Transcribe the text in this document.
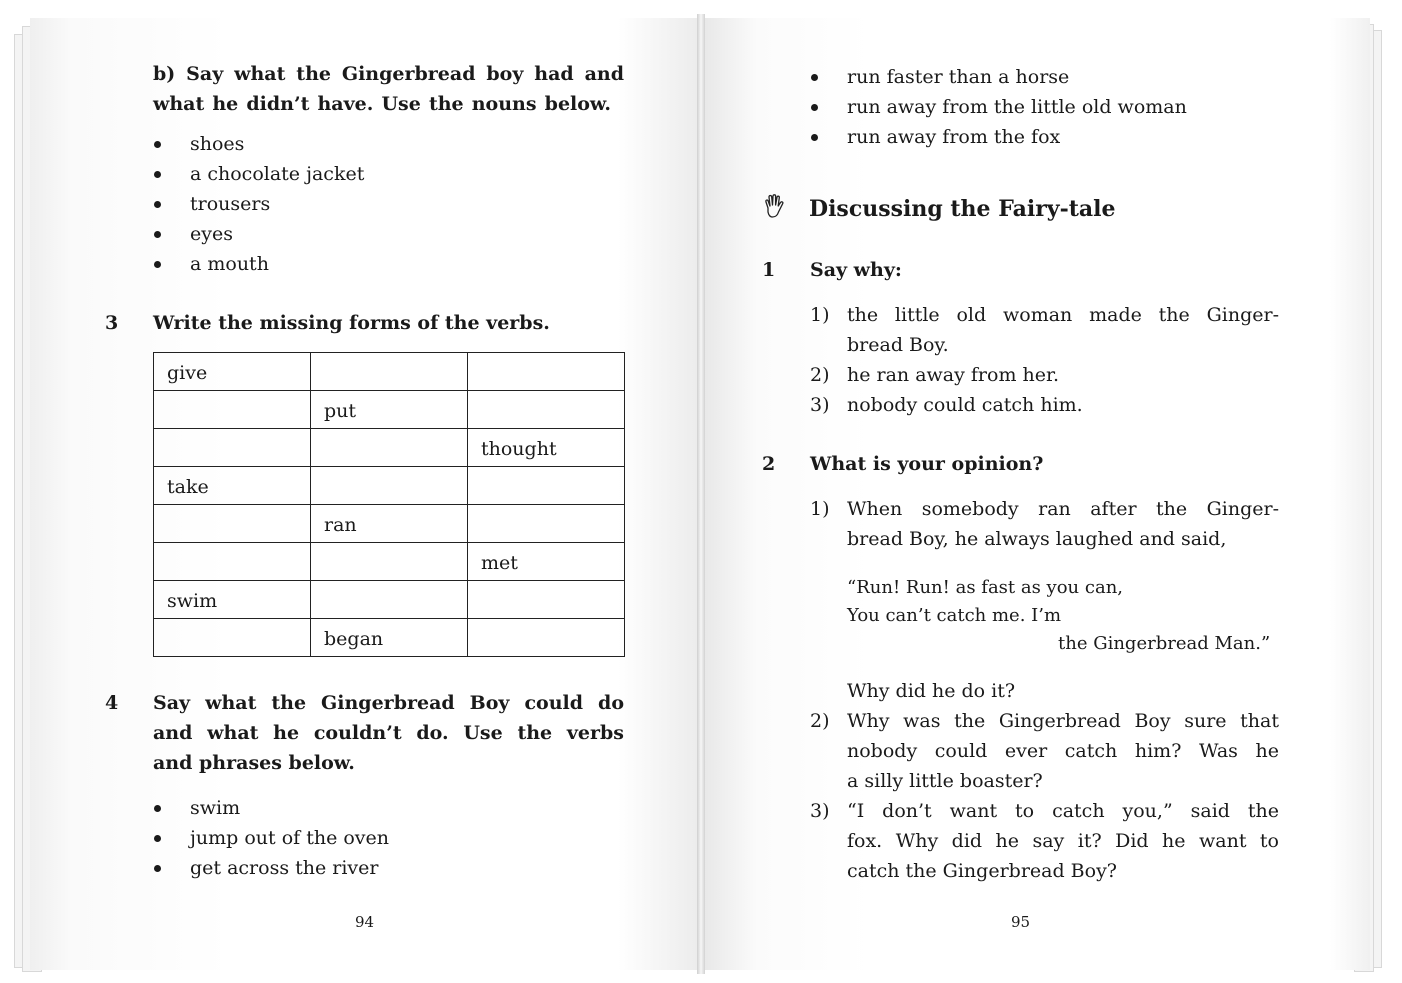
b) Say what the Gingerbread boy had and
what he didn’t have. Use the nouns below.
shoes
a chocolate jacket
trousers
eyes
a mouth
3 Write the missing forms of the verbs.
give		
	put	
		thought
take		
	ran	
		met
swim		
	began	
4 Say what the Gingerbread Boy could do
and what he couldn’t do. Use the verbs
and phrases below.
swim
jump out of the oven
get across the river
94
run faster than a horse
run away from the little old woman
run away from the fox
Discussing the Fairy-tale
1 Say why:
1) the little old woman made the Ginger-
bread Boy.
2) he ran away from her.
3) nobody could catch him.
2 What is your opinion?
1) When somebody ran after the Ginger-
bread Boy, he always laughed and said,
“Run! Run! as fast as you can,
You can’t catch me. I’m
the Gingerbread Man.”
Why did he do it?
2) Why was the Gingerbread Boy sure that
nobody could ever catch him? Was he
a silly little boaster?
3) “I don’t want to catch you,” said the
fox. Why did he say it? Did he want to
catch the Gingerbread Boy?
95
